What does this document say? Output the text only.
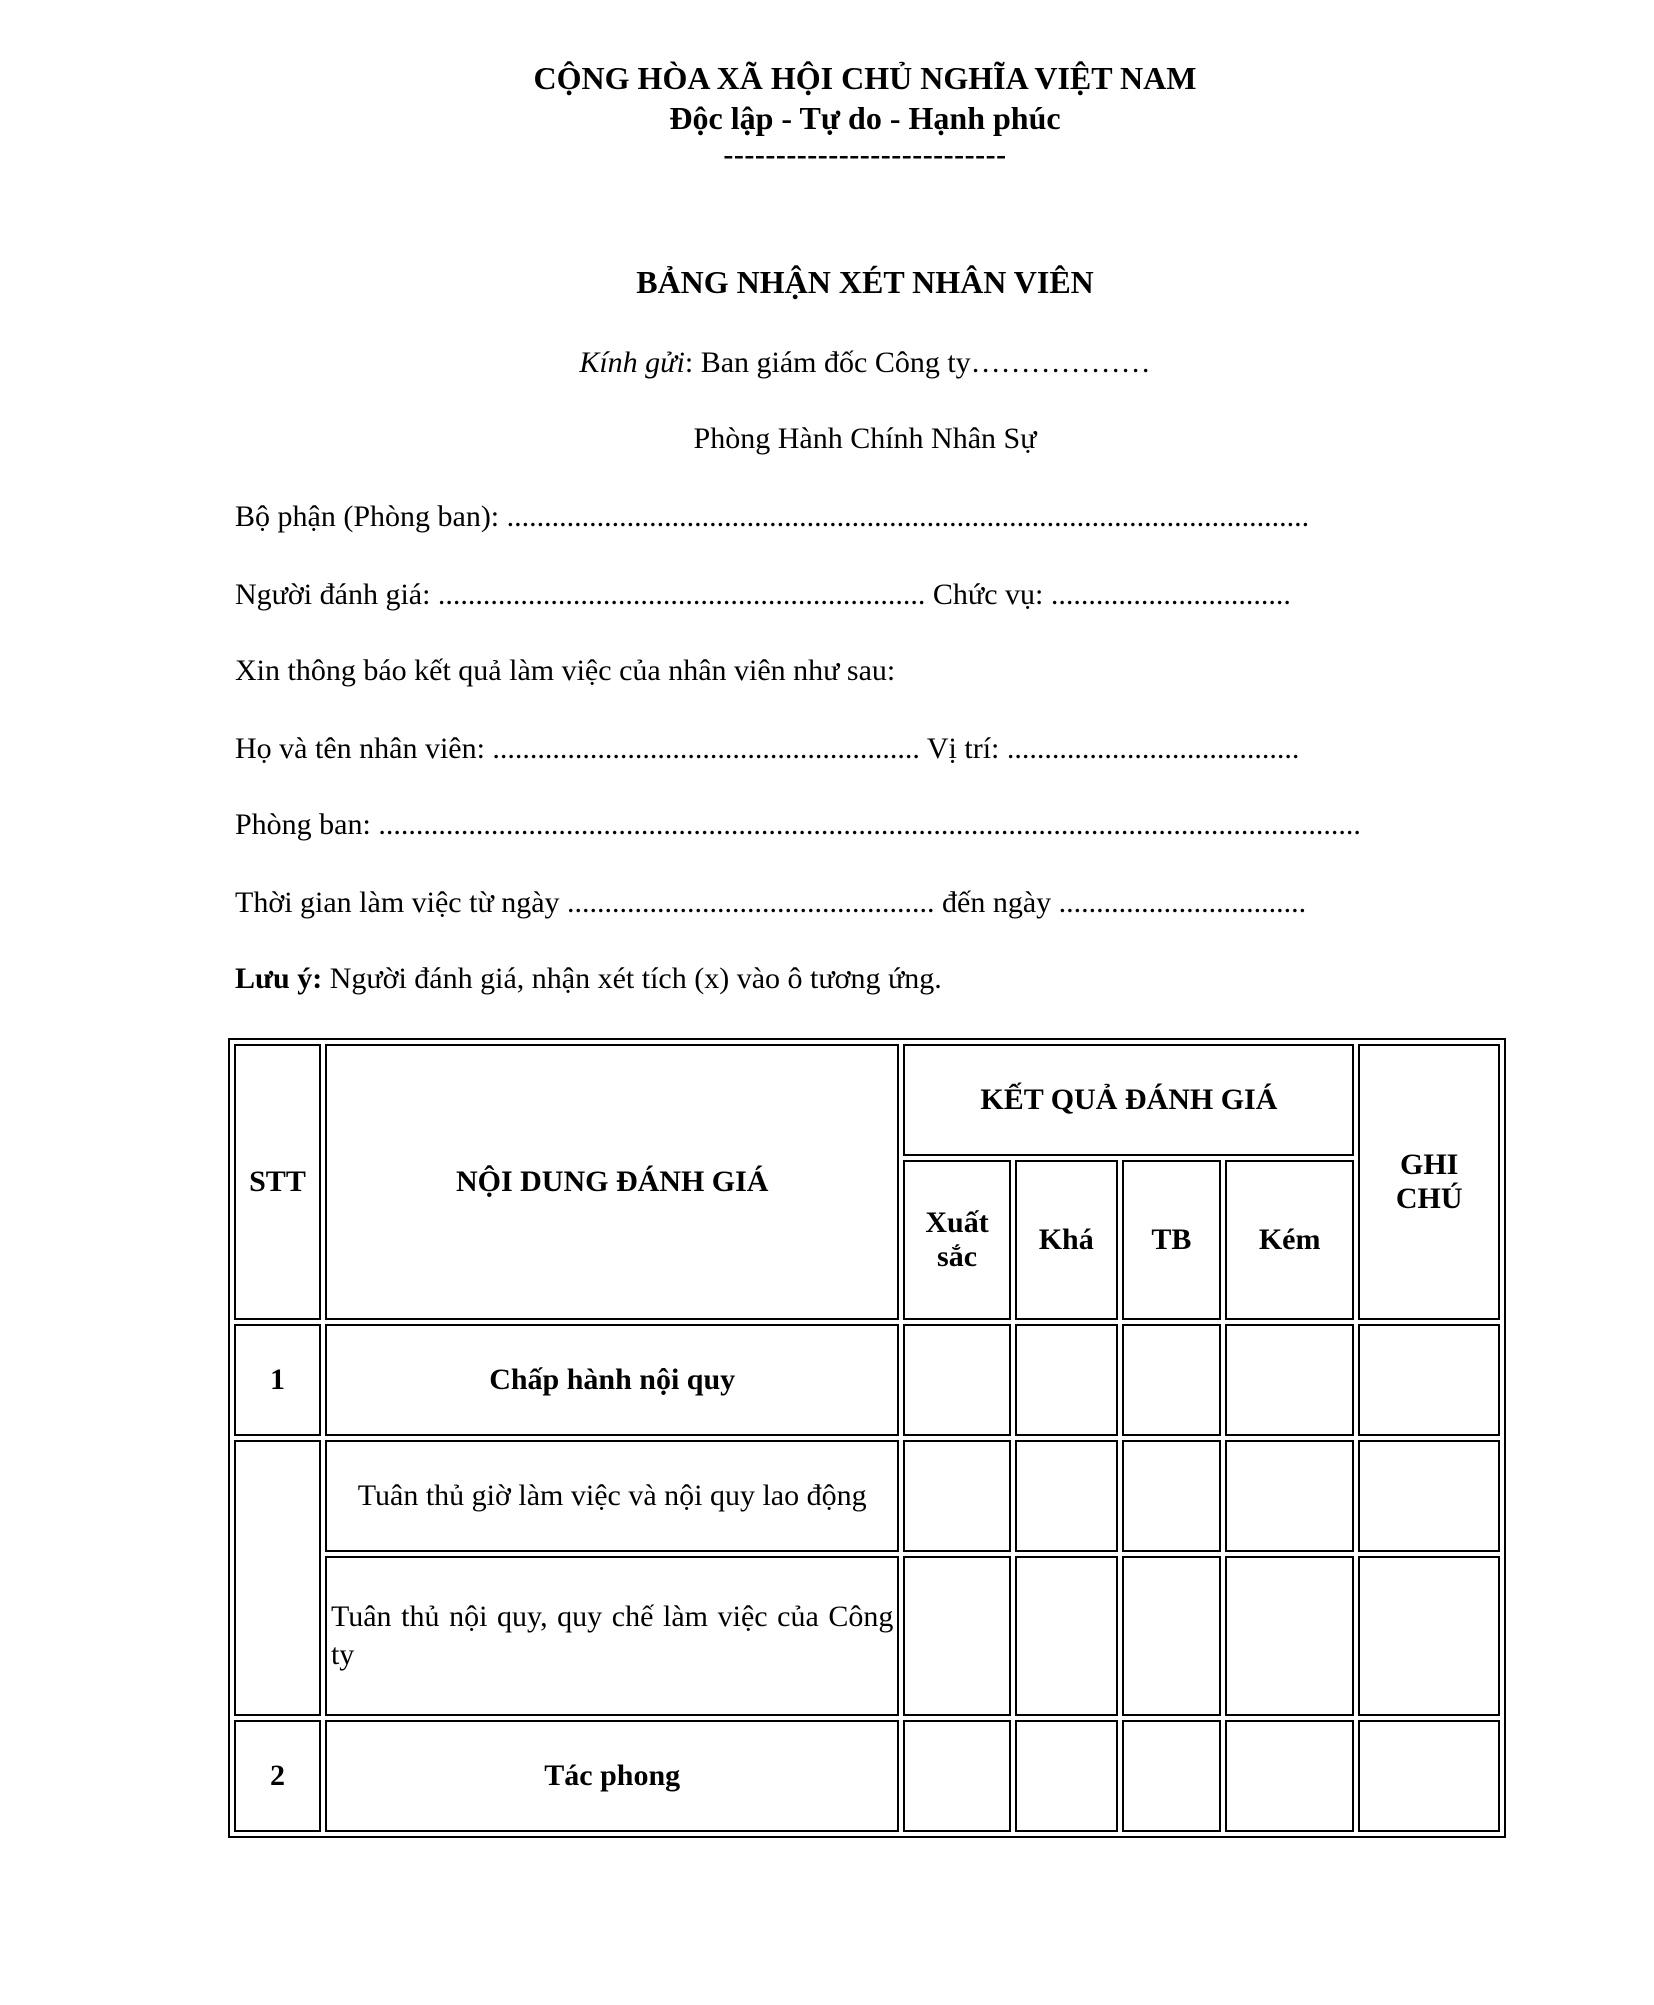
CỘNG HÒA XÃ HỘI CHỦ NGHĨA VIỆT NAM
Độc lập - Tự do - Hạnh phúc
---------------------------
BẢNG NHẬN XÉT NHÂN VIÊN
Kính gửi: Ban giám đốc Công ty………………
Phòng Hành Chính Nhân Sự
Bộ phận (Phòng ban): ...........................................................................................................
Người đánh giá: ................................................................. Chức vụ: ................................
Xin thông báo kết quả làm việc của nhân viên như sau:
Họ và tên nhân viên: ......................................................... Vị trí: .......................................
Phòng ban: ...................................................................................................................................
Thời gian làm việc từ ngày ................................................. đến ngày .................................
Lưu ý: Người đánh giá, nhận xét tích (x) vào ô tương ứng.
STT	NỘI DUNG ĐÁNH GIÁ	KẾT QUẢ ĐÁNH GIÁ				GHI CHÚ
		Xuất sắc	Khá	TB	Kém	
1	Chấp hành nội quy					
	Tuân thủ giờ làm việc và nội quy lao động					
	Tuân thủ nội quy, quy chế làm việc của Công ty					
2	Tác phong					
